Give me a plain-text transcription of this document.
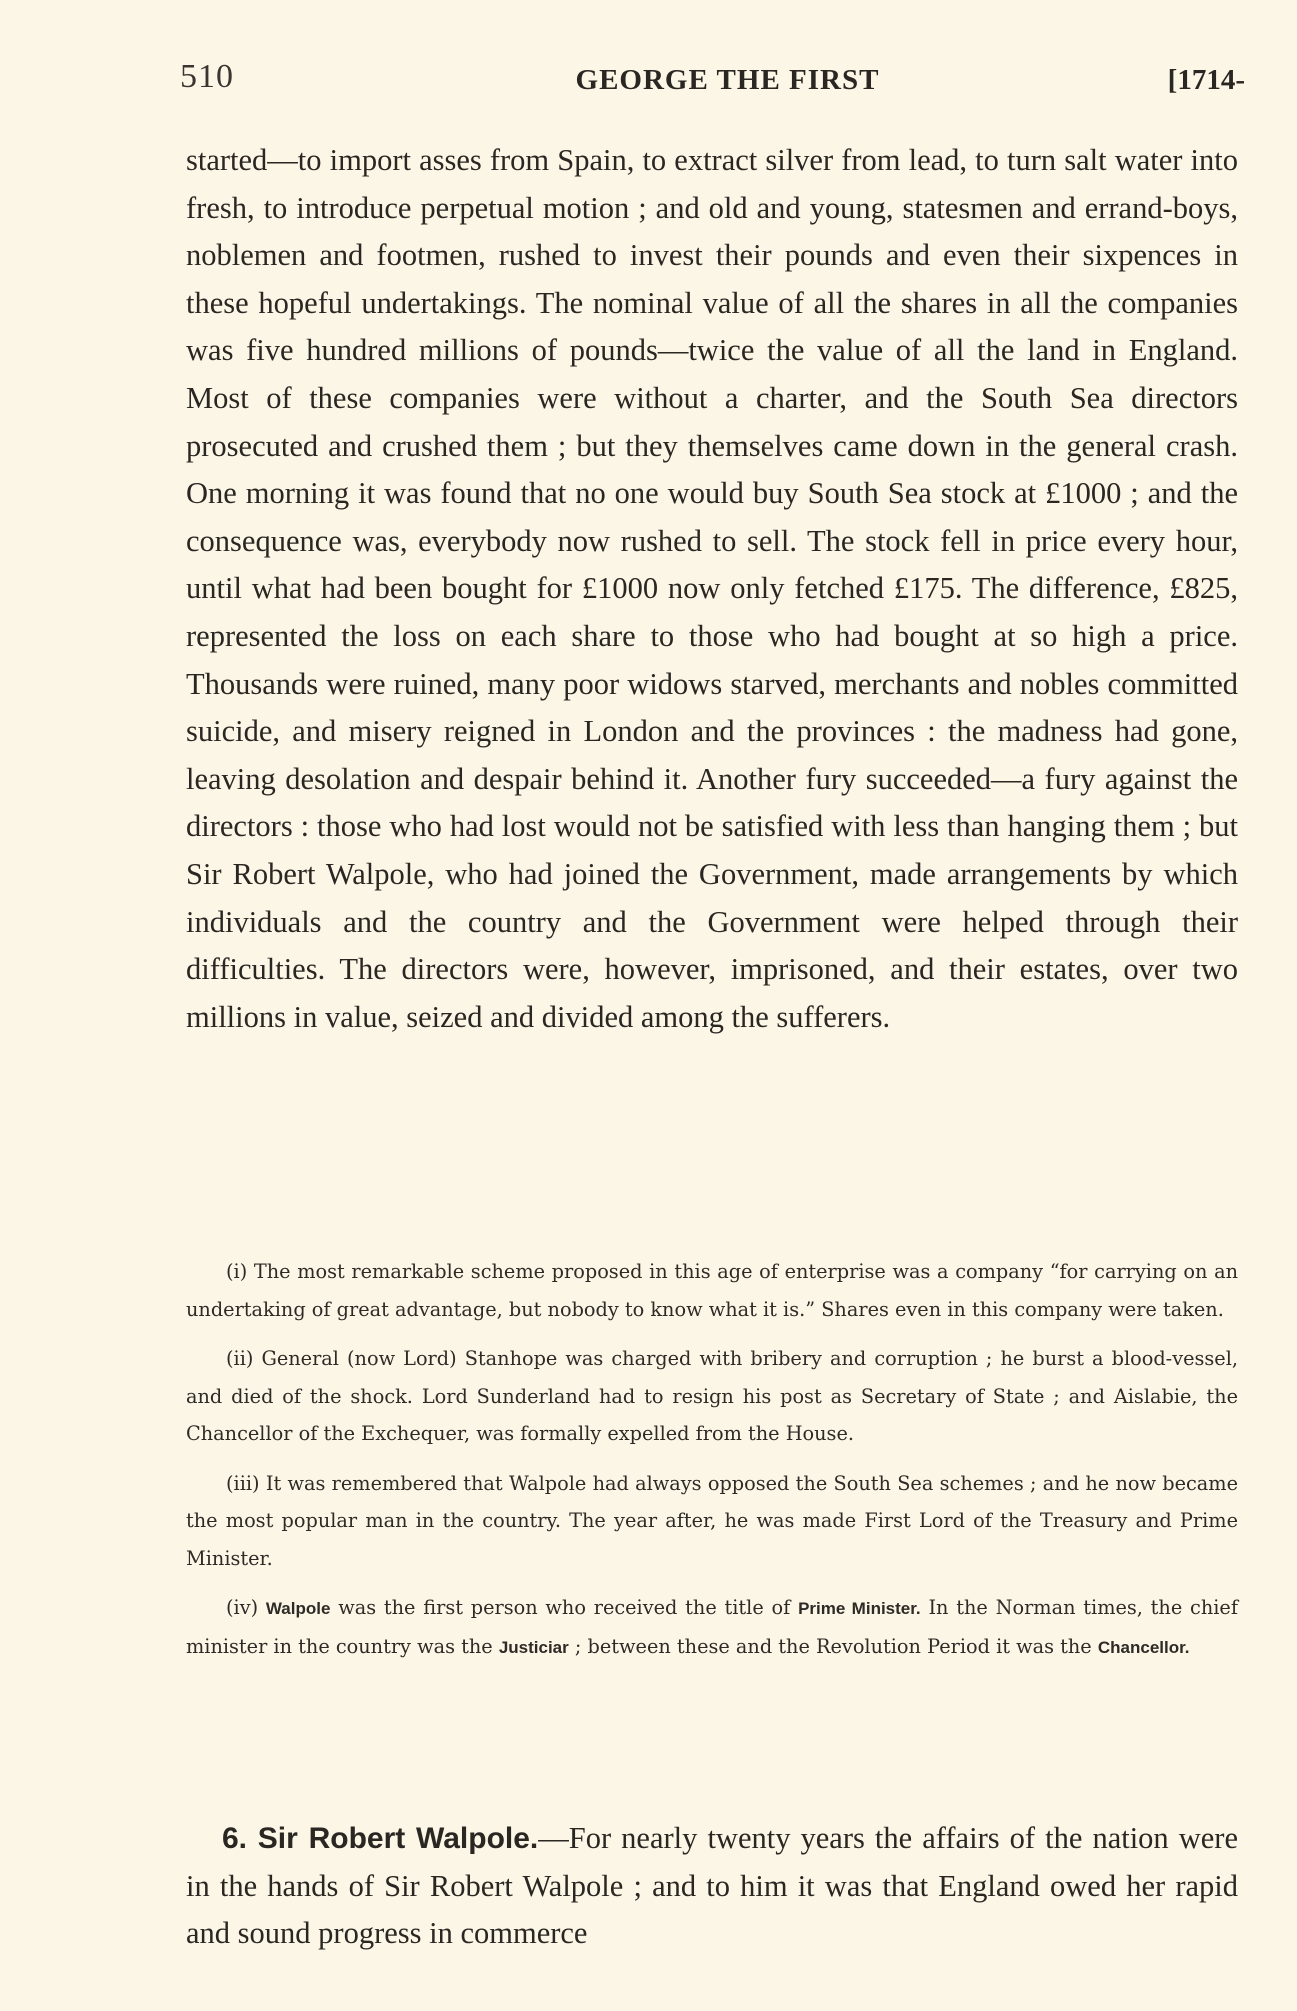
510	GEORGE THE FIRST	[1714-

started—to import asses from Spain, to extract silver from lead, to turn salt water into fresh, to introduce perpetual motion ; and old and young, statesmen and errand-boys, noblemen and footmen, rushed to invest their pounds and even their sixpences in these hopeful undertakings. The nominal value of all the shares in all the companies was five hundred millions of pounds—twice the value of all the land in England. Most of these companies were without a charter, and the South Sea directors prosecuted and crushed them ; but they themselves came down in the general crash. One morning it was found that no one would buy South Sea stock at £1000 ; and the consequence was, everybody now rushed to sell. The stock fell in price every hour, until what had been bought for £1000 now only fetched £175. The difference, £825, represented the loss on each share to those who had bought at so high a price. Thousands were ruined, many poor widows starved, merchants and nobles committed suicide, and misery reigned in London and the provinces : the madness had gone, leaving desolation and despair behind it. Another fury succeeded—a fury against the directors : those who had lost would not be satisfied with less than hanging them ; but Sir Robert Walpole, who had joined the Government, made arrangements by which individuals and the country and the Government were helped through their difficulties. The directors were, however, imprisoned, and their estates, over two millions in value, seized and divided among the sufferers.

(i) The most remarkable scheme proposed in this age of enterprise was a company “for carrying on an undertaking of great advantage, but nobody to know what it is.” Shares even in this company were taken.

(ii) General (now Lord) Stanhope was charged with bribery and corruption ; he burst a blood-vessel, and died of the shock. Lord Sunderland had to resign his post as Secretary of State ; and Aislabie, the Chancellor of the Exchequer, was formally expelled from the House.

(iii) It was remembered that Walpole had always opposed the South Sea schemes ; and he now became the most popular man in the country. The year after, he was made First Lord of the Treasury and Prime Minister.

(iv) Walpole was the first person who received the title of Prime Minister. In the Norman times, the chief minister in the country was the Justiciar ; between these and the Revolution Period it was the Chancellor.

6. Sir Robert Walpole.—For nearly twenty years the affairs of the nation were in the hands of Sir Robert Walpole ; and to him it was that England owed her rapid and sound progress in commerce
